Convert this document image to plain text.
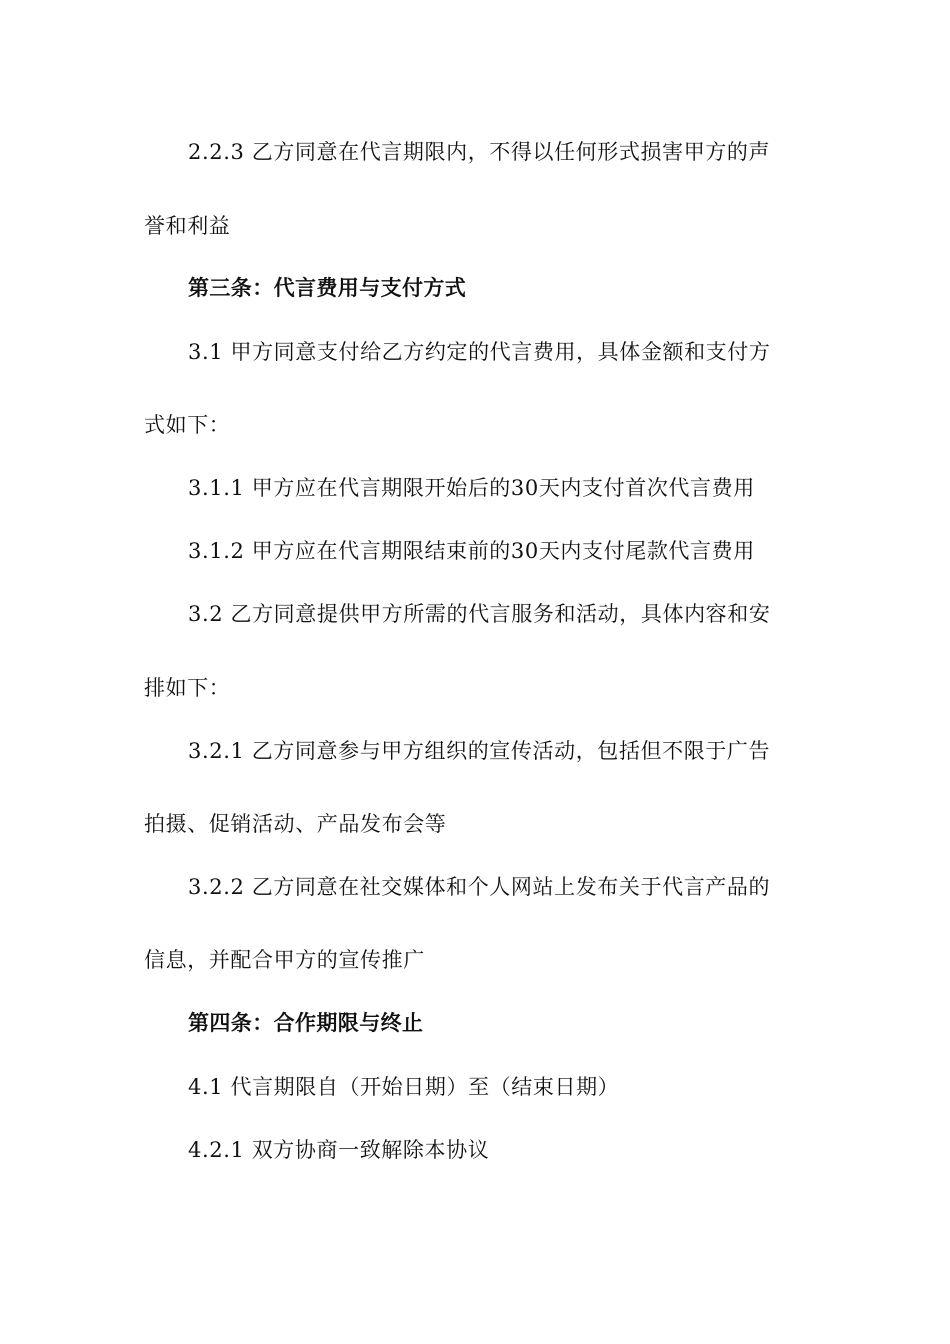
2.2.3 乙方同意在代言期限内，不得以任何形式损害甲方的声
誉和利益
第三条：代言费用与支付方式
3.1 甲方同意支付给乙方约定的代言费用，具体金额和支付方
式如下：
3.1.1 甲方应在代言期限开始后的30天内支付首次代言费用
3.1.2 甲方应在代言期限结束前的30天内支付尾款代言费用
3.2 乙方同意提供甲方所需的代言服务和活动，具体内容和安
排如下：
3.2.1 乙方同意参与甲方组织的宣传活动，包括但不限于广告
拍摄、促销活动、产品发布会等
3.2.2 乙方同意在社交媒体和个人网站上发布关于代言产品的
信息，并配合甲方的宣传推广
第四条：合作期限与终止
4.1 代言期限自（开始日期）至（结束日期）
4.2.1 双方协商一致解除本协议
